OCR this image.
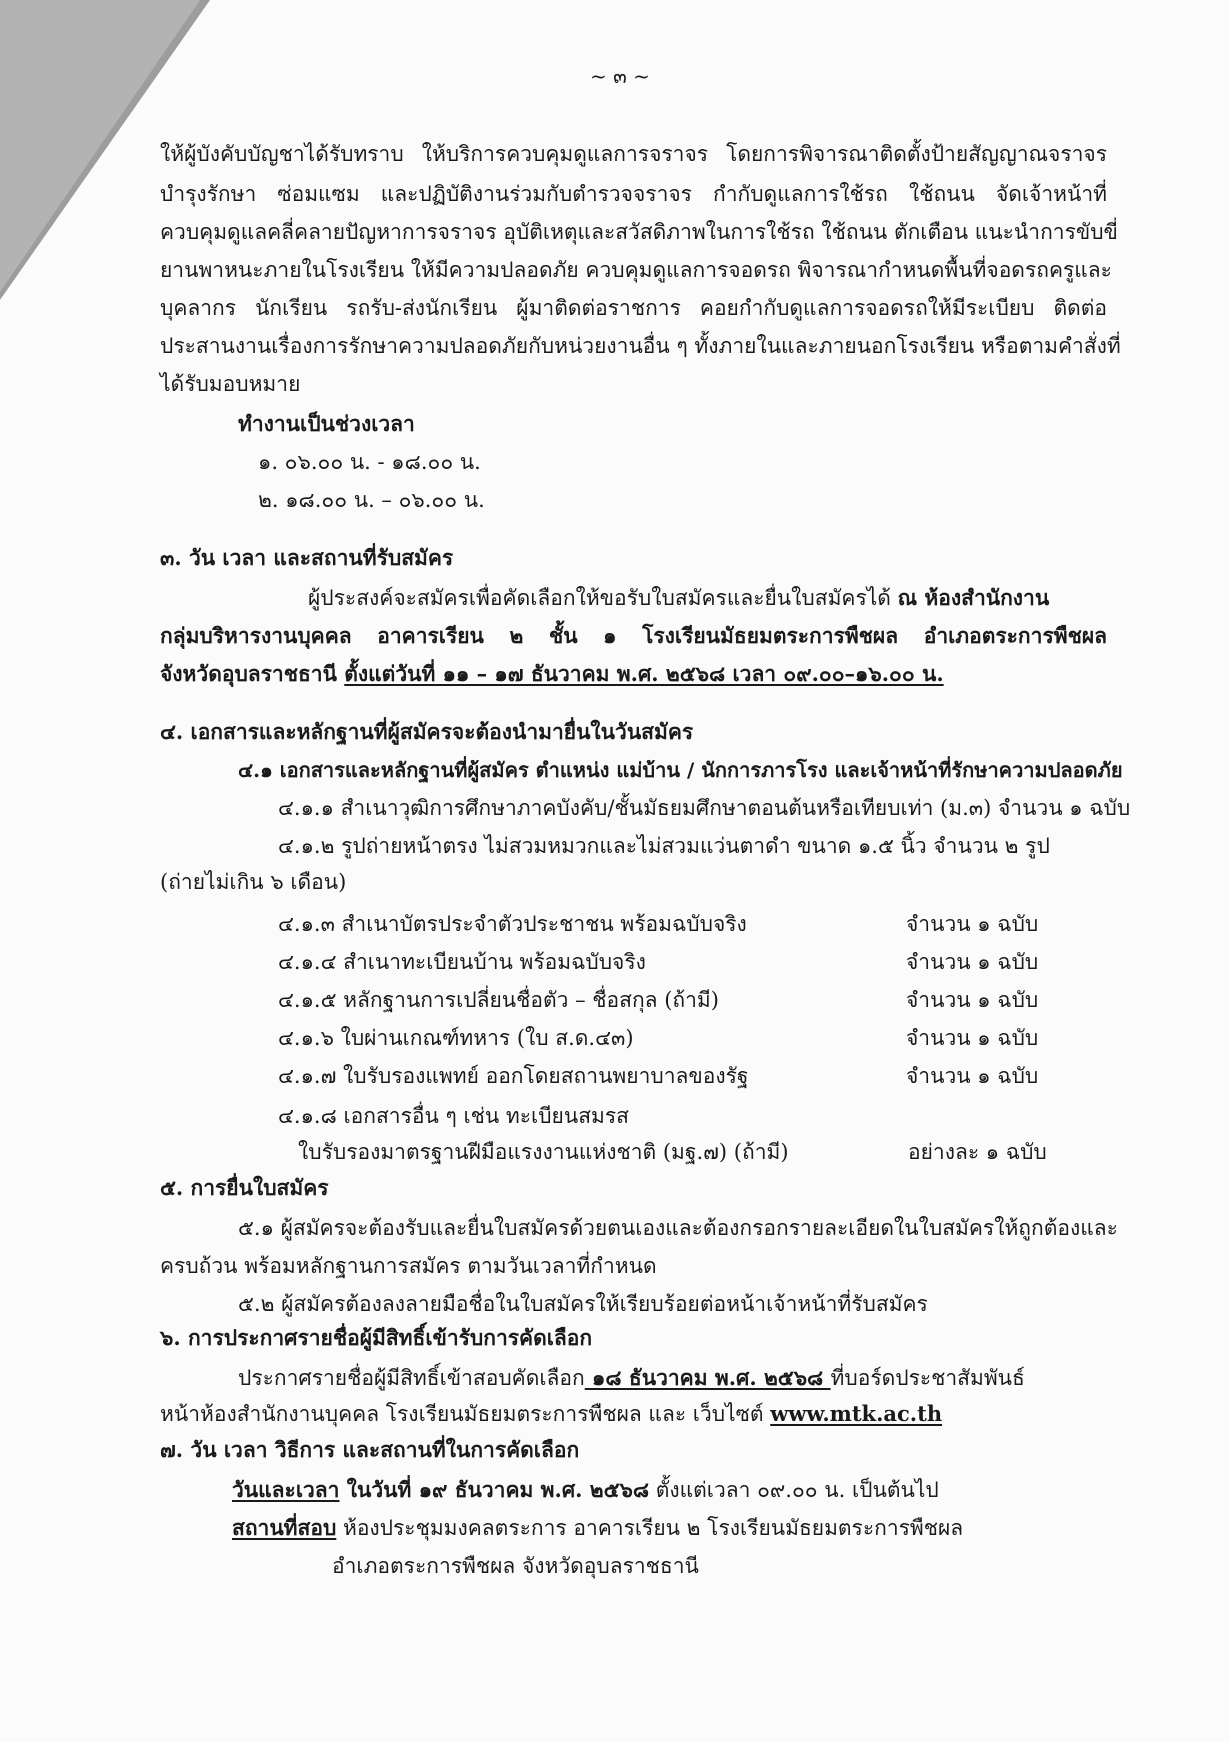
~ ๓ ~
ให้ผู้บังคับบัญชาได้รับทราบ ให้บริการควบคุมดูแลการจราจร โดยการพิจารณาติดตั้งป้ายสัญญาณจราจร
บำรุงรักษา ซ่อมแซม และปฏิบัติงานร่วมกับตำรวจจราจร กำกับดูแลการใช้รถ ใช้ถนน จัดเจ้าหน้าที่
ควบคุมดูแลคลี่คลายปัญหาการจราจร อุบัติเหตุและสวัสดิภาพในการใช้รถ ใช้ถนน ตักเตือน แนะนำการขับขี่
ยานพาหนะภายในโรงเรียน ให้มีความปลอดภัย ควบคุมดูแลการจอดรถ พิจารณากำหนดพื้นที่จอดรถครูและ
บุคลากร นักเรียน รถรับ-ส่งนักเรียน ผู้มาติดต่อราชการ คอยกำกับดูแลการจอดรถให้มีระเบียบ ติดต่อ
ประสานงานเรื่องการรักษาความปลอดภัยกับหน่วยงานอื่น ๆ ทั้งภายในและภายนอกโรงเรียน หรือตามคำสั่งที่
ได้รับมอบหมาย
ทำงานเป็นช่วงเวลา
๑. ๐๖.๐๐ น. - ๑๘.๐๐ น.
๒. ๑๘.๐๐ น. – ๐๖.๐๐ น.
๓. วัน เวลา และสถานที่รับสมัคร
ผู้ประสงค์จะสมัครเพื่อคัดเลือกให้ขอรับใบสมัครและยื่นใบสมัครได้ ณ ห้องสำนักงาน
กลุ่มบริหารงานบุคคล อาคารเรียน ๒ ชั้น ๑ โรงเรียนมัธยมตระการพืชผล อำเภอตระการพืชผล
จังหวัดอุบลราชธานี ตั้งแต่วันที่ ๑๑ – ๑๗ ธันวาคม พ.ศ. ๒๕๖๘ เวลา ๐๙.๐๐–๑๖.๐๐ น.
๔. เอกสารและหลักฐานที่ผู้สมัครจะต้องนำมายื่นในวันสมัคร
๔.๑ เอกสารและหลักฐานที่ผู้สมัคร ตำแหน่ง แม่บ้าน / นักการภารโรง และเจ้าหน้าที่รักษาความปลอดภัย
๔.๑.๑ สำเนาวุฒิการศึกษาภาคบังคับ/ชั้นมัธยมศึกษาตอนต้นหรือเทียบเท่า (ม.๓) จำนวน ๑ ฉบับ
๔.๑.๒ รูปถ่ายหน้าตรง ไม่สวมหมวกและไม่สวมแว่นตาดำ ขนาด ๑.๕ นิ้ว จำนวน ๒ รูป
(ถ่ายไม่เกิน ๖ เดือน)
๔.๑.๓ สำเนาบัตรประจำตัวประชาชน พร้อมฉบับจริง	จำนวน ๑ ฉบับ
๔.๑.๔ สำเนาทะเบียนบ้าน พร้อมฉบับจริง	จำนวน ๑ ฉบับ
๔.๑.๕ หลักฐานการเปลี่ยนชื่อตัว – ชื่อสกุล (ถ้ามี)	จำนวน ๑ ฉบับ
๔.๑.๖ ใบผ่านเกณฑ์ทหาร (ใบ ส.ด.๔๓)	จำนวน ๑ ฉบับ
๔.๑.๗ ใบรับรองแพทย์ ออกโดยสถานพยาบาลของรัฐ	จำนวน ๑ ฉบับ
๔.๑.๘ เอกสารอื่น ๆ เช่น ทะเบียนสมรส
ใบรับรองมาตรฐานฝีมือแรงงานแห่งชาติ (มฐ.๗) (ถ้ามี)	อย่างละ ๑ ฉบับ
๕. การยื่นใบสมัคร
๕.๑ ผู้สมัครจะต้องรับและยื่นใบสมัครด้วยตนเองและต้องกรอกรายละเอียดในใบสมัครให้ถูกต้องและ
ครบถ้วน พร้อมหลักฐานการสมัคร ตามวันเวลาที่กำหนด
๕.๒ ผู้สมัครต้องลงลายมือชื่อในใบสมัครให้เรียบร้อยต่อหน้าเจ้าหน้าที่รับสมัคร
๖. การประกาศรายชื่อผู้มีสิทธิ์เข้ารับการคัดเลือก
ประกาศรายชื่อผู้มีสิทธิ์เข้าสอบคัดเลือก ๑๘ ธันวาคม พ.ศ. ๒๕๖๘ ที่บอร์ดประชาสัมพันธ์
หน้าห้องสำนักงานบุคคล โรงเรียนมัธยมตระการพืชผล และ เว็บไซต์ www.mtk.ac.th
๗. วัน เวลา วิธีการ และสถานที่ในการคัดเลือก
วันและเวลา ในวันที่ ๑๙ ธันวาคม พ.ศ. ๒๕๖๘ ตั้งแต่เวลา ๐๙.๐๐ น. เป็นต้นไป
สถานที่สอบ ห้องประชุมมงคลตระการ อาคารเรียน ๒ โรงเรียนมัธยมตระการพืชผล
อำเภอตระการพืชผล จังหวัดอุบลราชธานี
